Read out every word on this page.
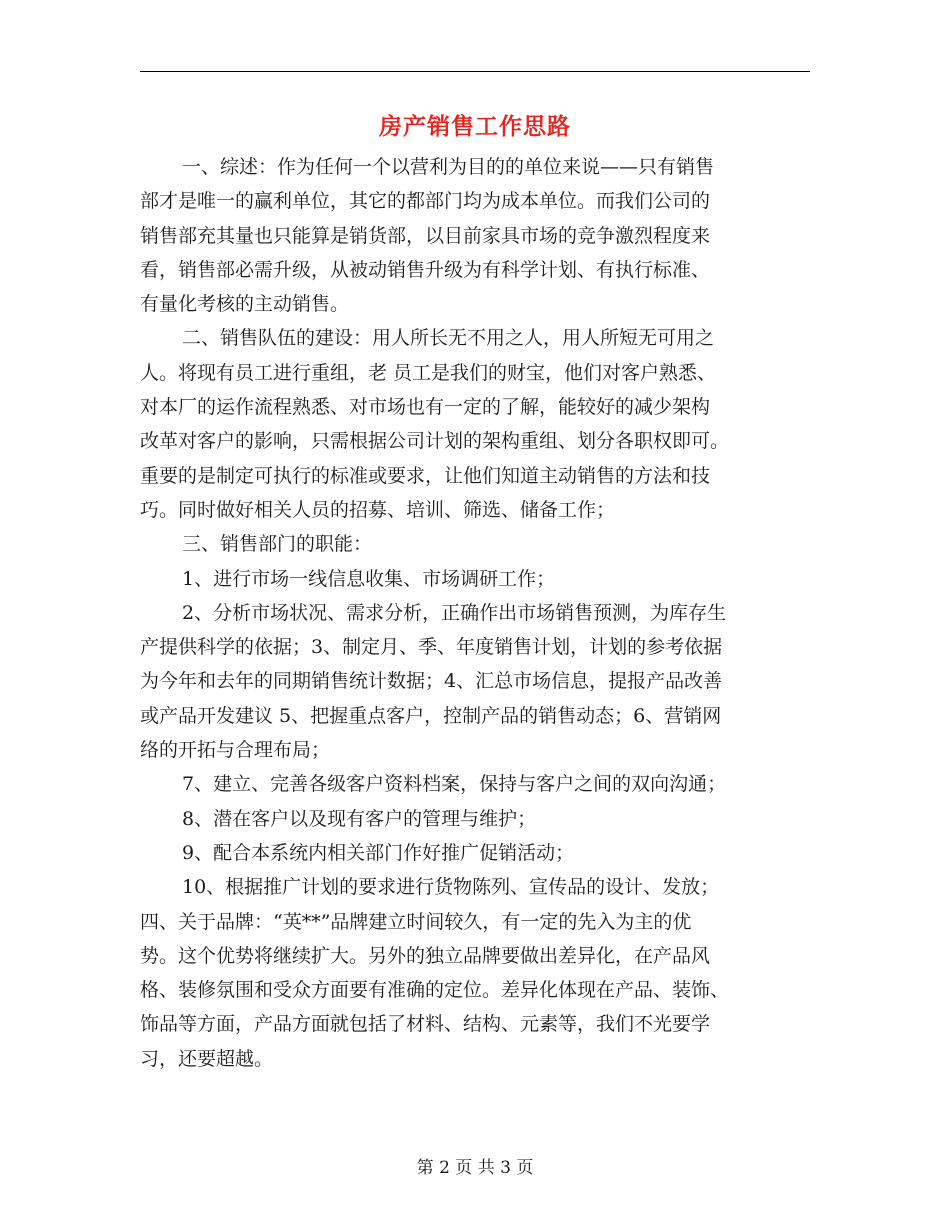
房产销售工作思路
一、综述：作为任何一个以营利为目的的单位来说——只有销售
部才是唯一的赢利单位，其它的都部门均为成本单位。而我们公司的
销售部充其量也只能算是销货部，以目前家具市场的竞争激烈程度来
看，销售部必需升级，从被动销售升级为有科学计划、有执行标准、
有量化考核的主动销售。
二、销售队伍的建设：用人所长无不用之人，用人所短无可用之
人。将现有员工进行重组，老 员工是我们的财宝，他们对客户熟悉、
对本厂的运作流程熟悉、对市场也有一定的了解，能较好的减少架构
改革对客户的影响，只需根据公司计划的架构重组、划分各职权即可。
重要的是制定可执行的标准或要求，让他们知道主动销售的方法和技
巧。同时做好相关人员的招募、培训、筛选、储备工作；
三、销售部门的职能：
1、进行市场一线信息收集、市场调研工作；
2、分析市场状况、需求分析，正确作出市场销售预测，为库存生
产提供科学的依据；3、制定月、季、年度销售计划，计划的参考依据
为今年和去年的同期销售统计数据；4、汇总市场信息，提报产品改善
或产品开发建议 5、把握重点客户，控制产品的销售动态；6、营销网
络的开拓与合理布局；
7、建立、完善各级客户资料档案，保持与客户之间的双向沟通；
8、潜在客户以及现有客户的管理与维护；
9、配合本系统内相关部门作好推广促销活动；
10、根据推广计划的要求进行货物陈列、宣传品的设计、发放；
四、关于品牌：“英**”品牌建立时间较久，有一定的先入为主的优
势。这个优势将继续扩大。另外的独立品牌要做出差异化，在产品风
格、装修氛围和受众方面要有准确的定位。差异化体现在产品、装饰、
饰品等方面，产品方面就包括了材料、结构、元素等，我们不光要学
习，还要超越。
第 2 页 共 3 页
